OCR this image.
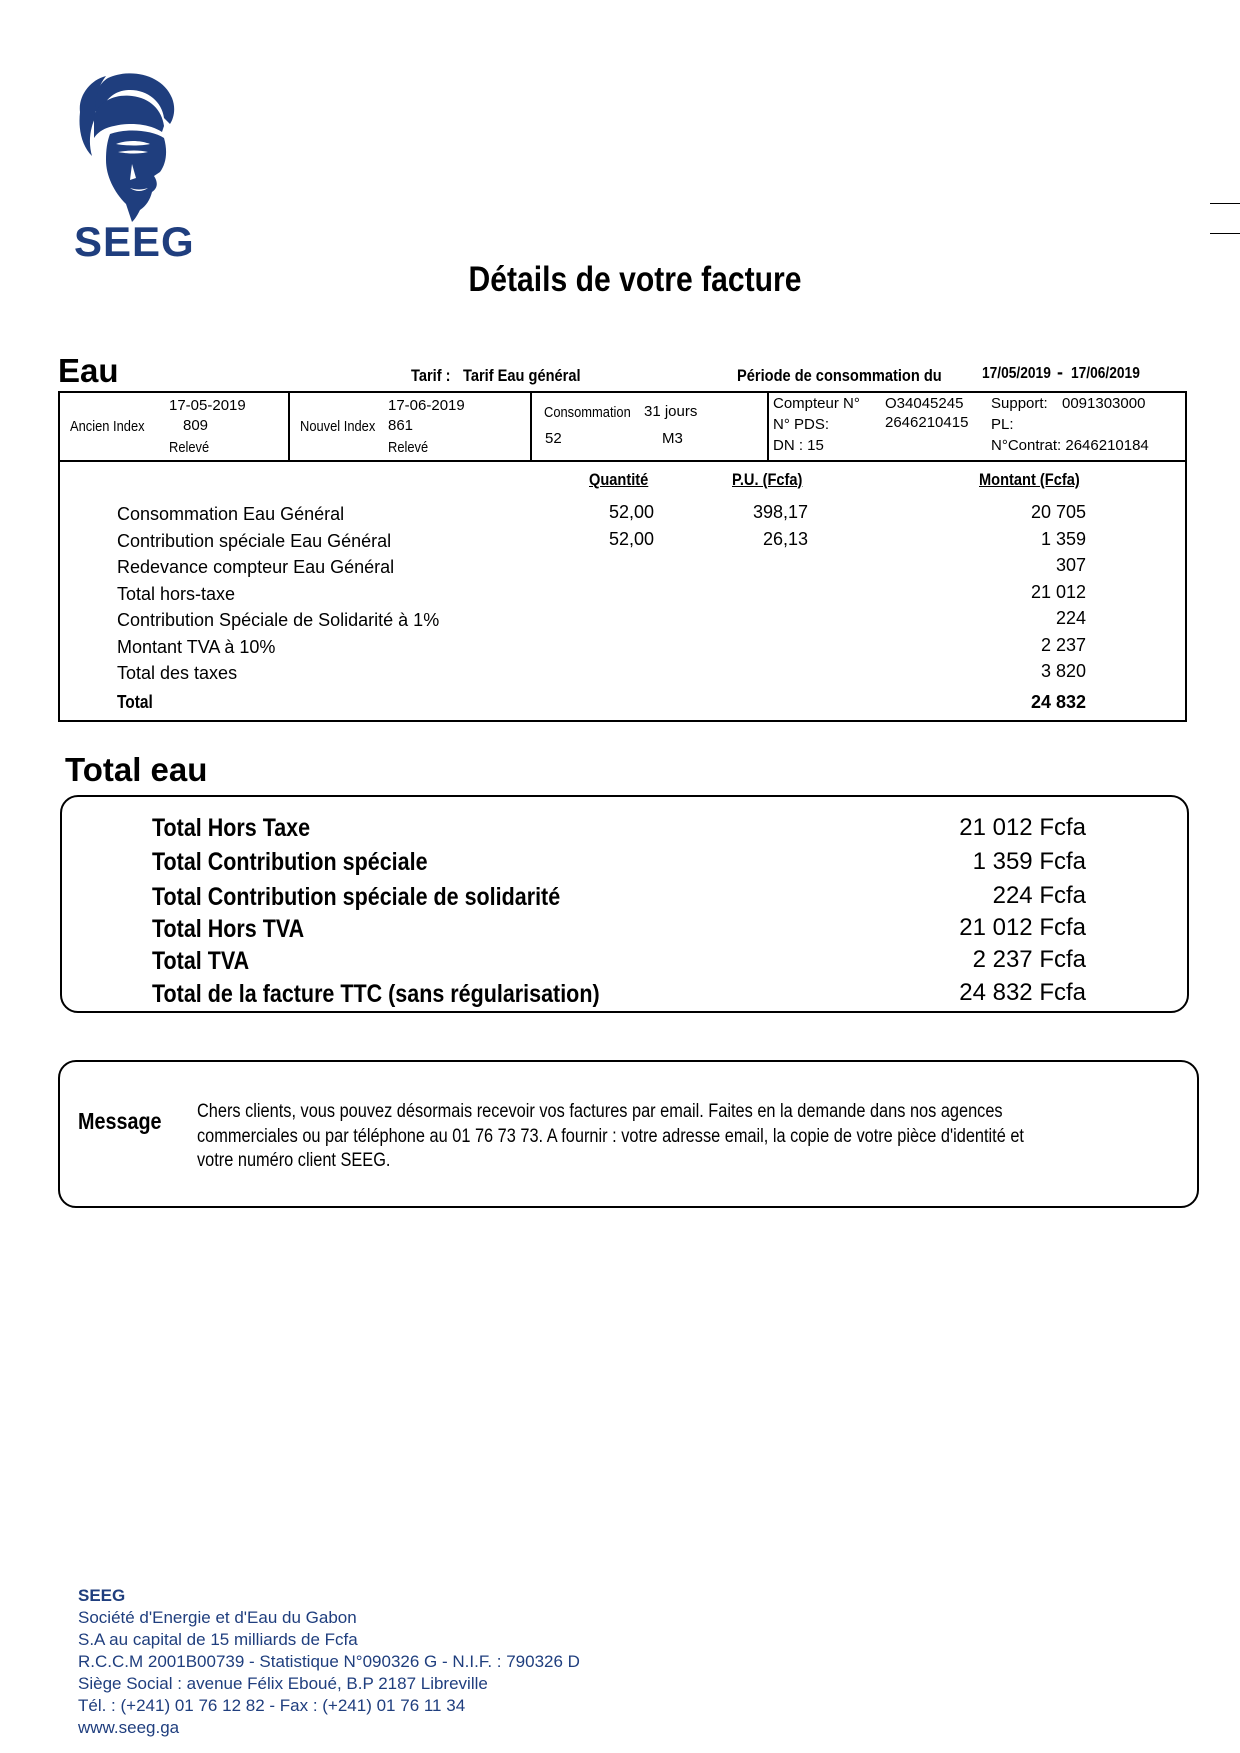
SEEG
Détails de votre facture
Eau	Tarif : Tarif Eau général	Période de consommation du	17/05/2019 - 17/06/2019
17-05-2019
Ancien Index	809
Relevé
17-06-2019
Nouvel Index 861
Relevé
Consommation 31 jours
52	M3
Compteur N° O34045245
N° PDS:	2646210415
DN : 15
Support: 0091303000
PL:
N°Contrat: 2646210184
Quantité	P.U. (Fcfa)	Montant (Fcfa)
Consommation Eau Général	52,00	398,17	20 705
Contribution spéciale Eau Général	52,00	26,13	1 359
Redevance compteur Eau Général	307
Total hors-taxe	21 012
Contribution Spéciale de Solidarité à 1%	224
Montant TVA à 10%	2 237
Total des taxes	3 820
Total	24 832
Total eau
Total Hors Taxe	21 012 Fcfa
Total Contribution spéciale	1 359 Fcfa
Total Contribution spéciale de solidarité	224 Fcfa
Total Hors TVA	21 012 Fcfa
Total TVA	2 237 Fcfa
Total de la facture TTC (sans régularisation)	24 832 Fcfa
Message Chers clients, vous pouvez désormais recevoir vos factures par email. Faites en la demande dans nos agences
commerciales ou par téléphone au 01 76 73 73. A fournir : votre adresse email, la copie de votre pièce d'identité et
votre numéro client SEEG.
SEEG
Société d'Energie et d'Eau du Gabon
S.A au capital de 15 milliards de Fcfa
R.C.C.M 2001B00739 - Statistique N°090326 G - N.I.F. : 790326 D
Siège Social : avenue Félix Eboué, B.P 2187 Libreville
Tél. : (+241) 01 76 12 82 - Fax : (+241) 01 76 11 34
www.seeg.ga
